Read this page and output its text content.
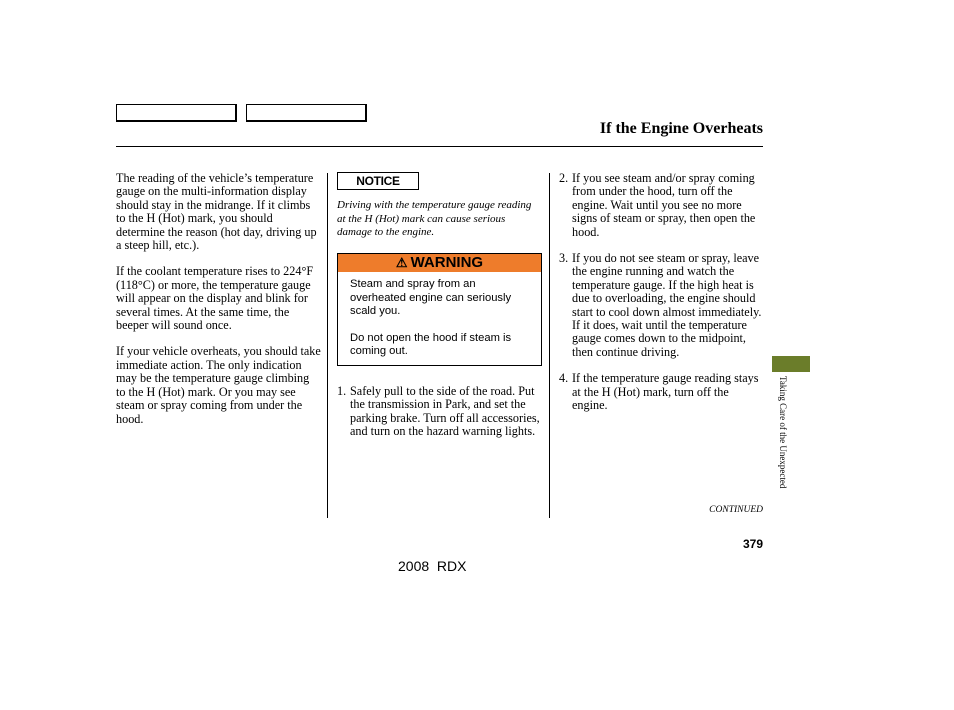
If the Engine Overheats

The reading of the vehicle’s temperature gauge on the multi-information display should stay in the midrange. If it climbs to the H (Hot) mark, you should determine the reason (hot day, driving up a steep hill, etc.).

If the coolant temperature rises to 224°F (118°C) or more, the temperature gauge will appear on the display and blink for several times. At the same time, the beeper will sound once.

If your vehicle overheats, you should take immediate action. The only indication may be the temperature gauge climbing to the H (Hot) mark. Or you may see steam or spray coming from under the hood.

NOTICE
Driving with the temperature gauge reading at the H (Hot) mark can cause serious damage to the engine.
⚠ WARNING

Steam and spray from an overheated engine can seriously scald you.

Do not open the hood if steam is coming out.

1. Safely pull to the side of the road. Put the transmission in Park, and set the parking brake. Turn off all accessories, and turn on the hazard warning lights.
2. If you see steam and/or spray coming from under the hood, turn off the engine. Wait until you see no more signs of steam or spray, then open the hood.
3. If you do not see steam or spray, leave the engine running and watch the temperature gauge. If the high heat is due to overloading, the engine should start to cool down almost immediately. If it does, wait until the temperature gauge comes down to the midpoint, then continue driving.
4. If the temperature gauge reading stays at the H (Hot) mark, turn off the engine.	Taking Care of the Unexpected
CONTINUED
379
2008  RDX
